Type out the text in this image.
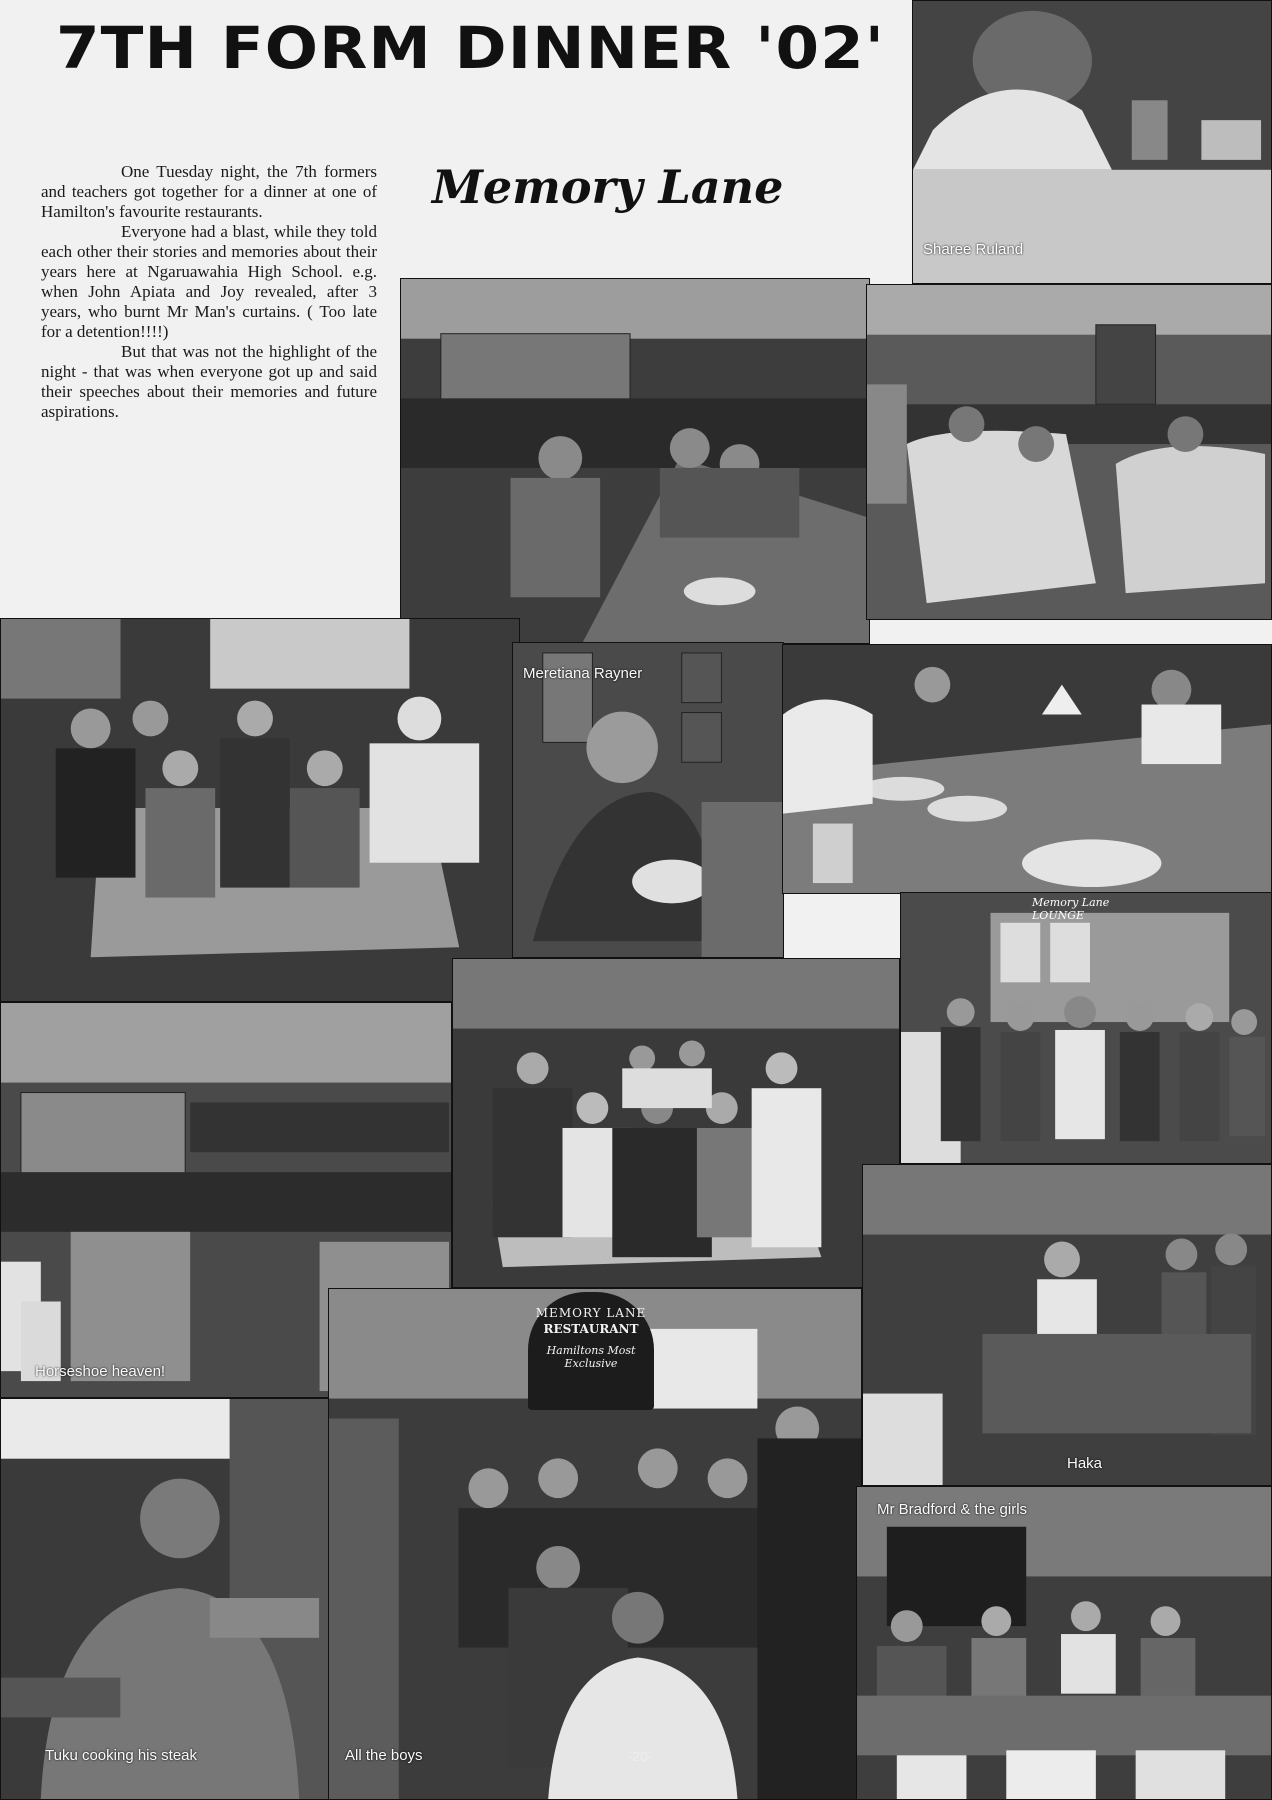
7TH FORM DINNER '02'
Memory Lane

One Tuesday night, the 7th formers and teachers got together for a dinner at one of Hamilton's favourite restaurants.

Everyone had a blast, while they told each other their stories and memories about their years here at Ngaruawahia High School. e.g. when John Apiata and Joy revealed, after 3 years, who burnt Mr Man's curtains. ( Too late for a detention!!!!)

But that was not the highlight of the night - that was when everyone got up and said their speeches about their memories and future aspirations.

Sharee Ruland
Meretiana Rayner
Memory Lane LOUNGE
Horseshoe heaven!
Haka
Tuku cooking his steak	All the boys
MEMORY LANE
RESTAURANT
Hamiltons Most Exclusive
Mr Bradford & the girls
-20-
